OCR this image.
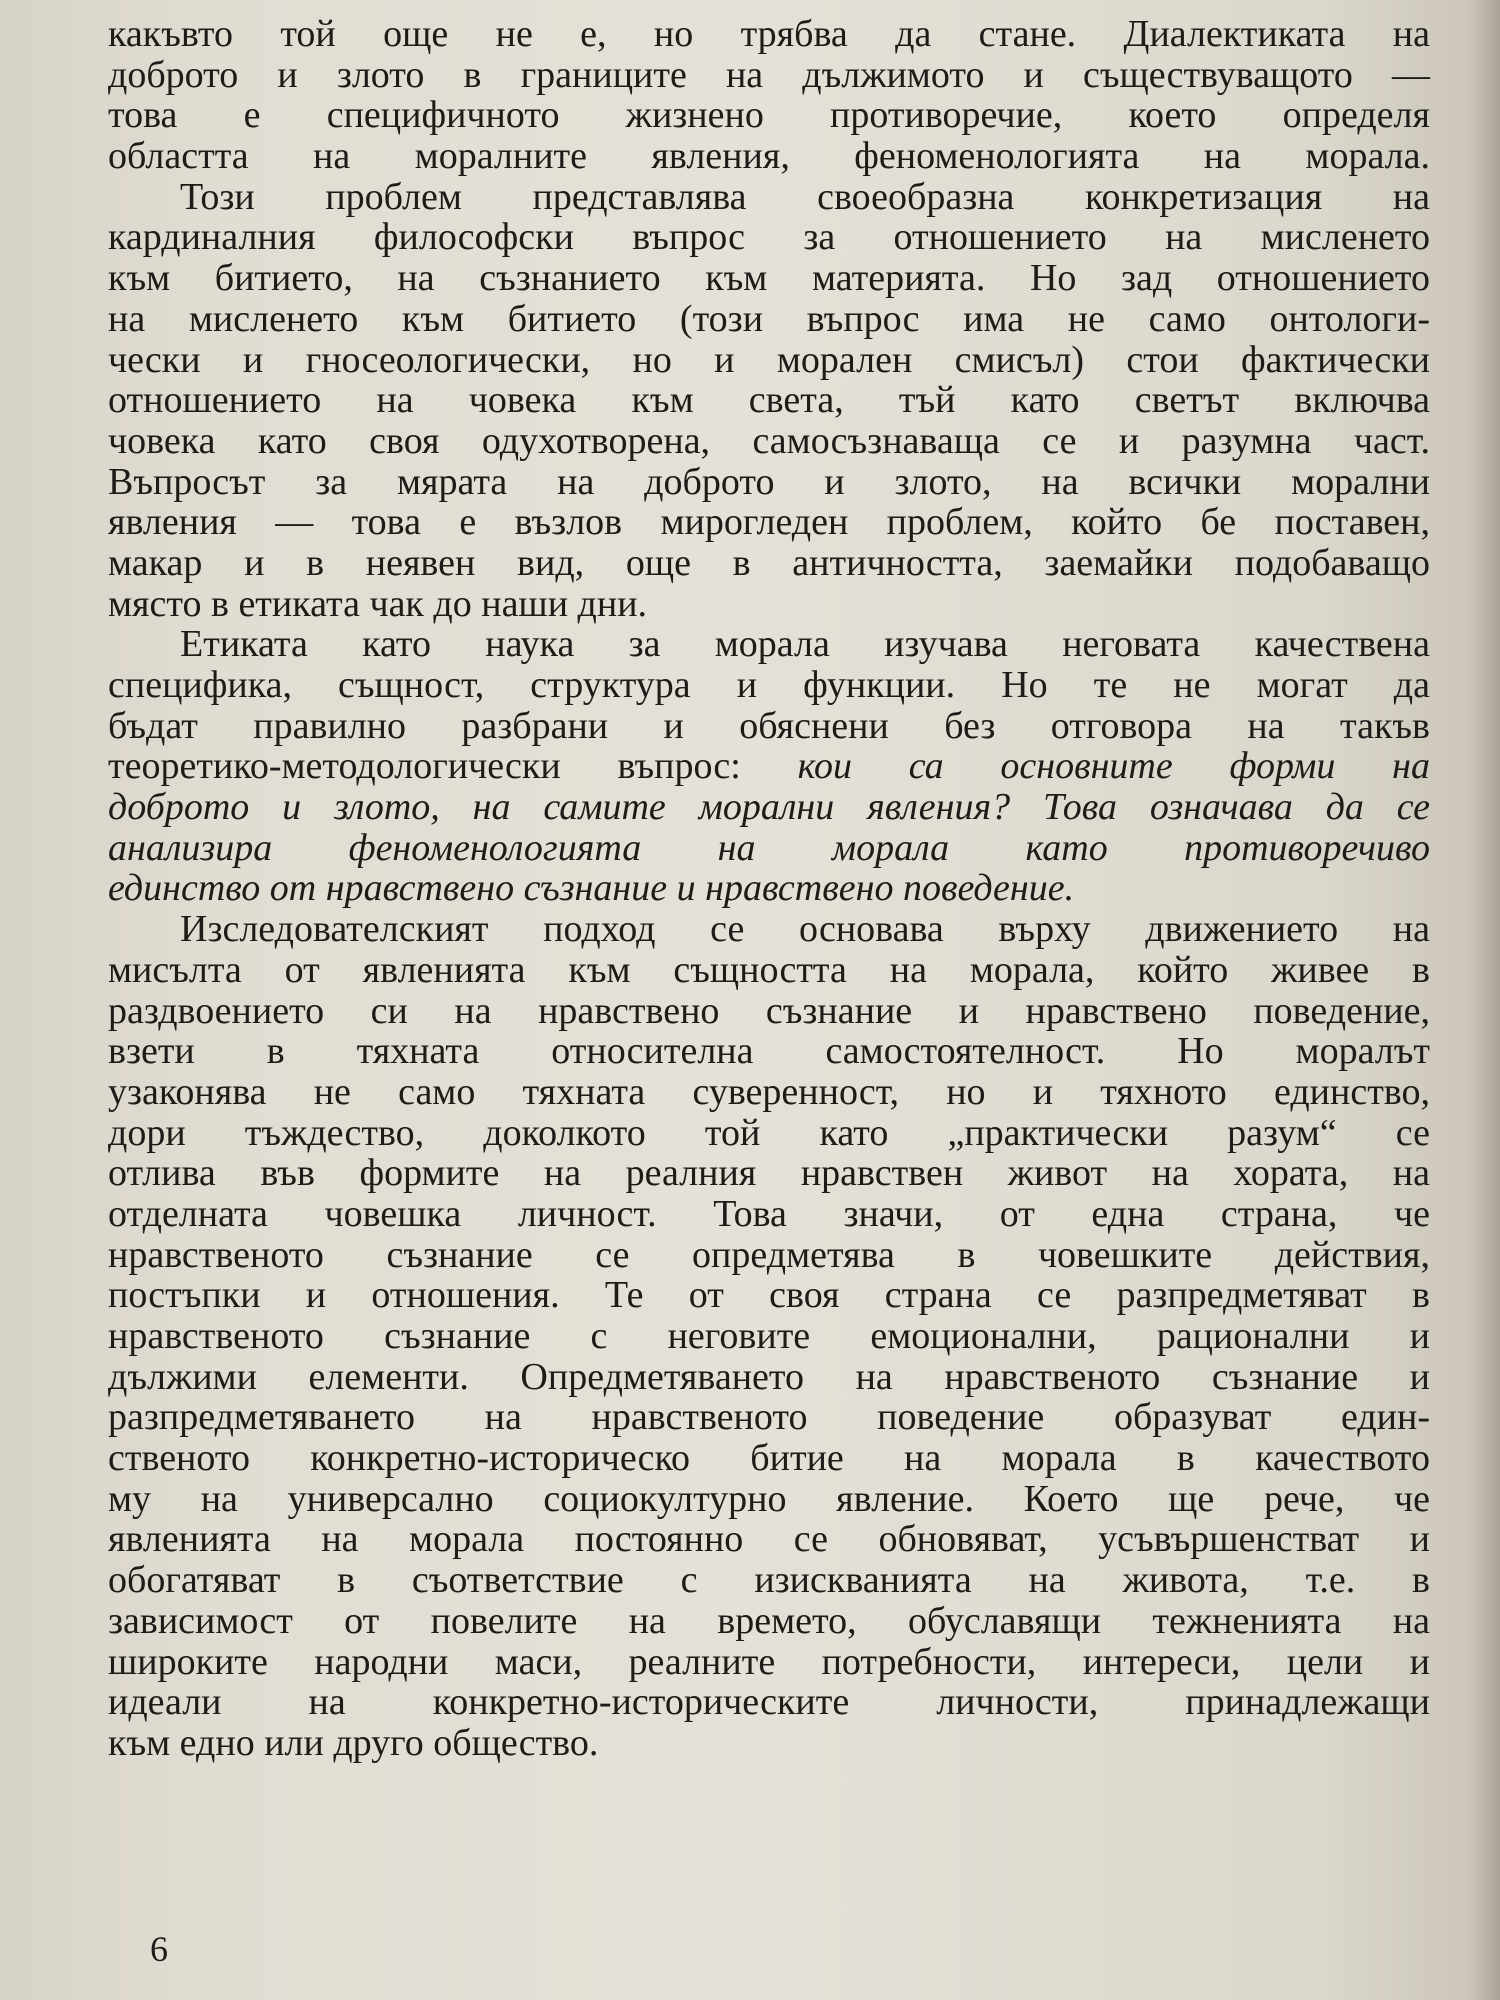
какъвто той още не е, но трябва да стане. Диалектиката на
доброто и злото в границите на дължимото и съществуващото —
това е специфичното жизнено противоречие, което определя
областта на моралните явления, феноменологията на морала.
Този проблем представлява своеобразна конкретизация на
кардиналния философски въпрос за отношението на мисленето
към битието, на съзнанието към материята. Но зад отношението
на мисленето към битието (този въпрос има не само онтологи-
чески и гносеологически, но и морален смисъл) стои фактически
отношението на човека към света, тъй като светът включва
човека като своя одухотворена, самосъзнаваща се и разумна част.
Въпросът за мярата на доброто и злото, на всички морални
явления — това е възлов мирогледен проблем, който бе поставен,
макар и в неявен вид, още в античността, заемайки подобаващо
място в етиката чак до наши дни.
Етиката като наука за морала изучава неговата качествена
специфика, същност, структура и функции. Но те не могат да
бъдат правилно разбрани и обяснени без отговора на такъв
теоретико-методологически въпрос: кои са основните форми на
доброто и злото, на самите морални явления? Това означава да се
анализира феноменологията на морала като противоречиво
единство от нравствено съзнание и нравствено поведение.
Изследователският подход се основава върху движението на
мисълта от явленията към същността на морала, който живее в
раздвоението си на нравствено съзнание и нравствено поведение,
взети в тяхната относителна самостоятелност. Но моралът
узаконява не само тяхната суверенност, но и тяхното единство,
дори тъждество, доколкото той като „практически разум“ се
отлива във формите на реалния нравствен живот на хората, на
отделната човешка личност. Това значи, от една страна, че
нравственото съзнание се опредметява в човешките действия,
постъпки и отношения. Те от своя страна се разпредметяват в
нравственото съзнание с неговите емоционални, рационални и
дължими елементи. Опредметяването на нравственото съзнание и
разпредметяването на нравственото поведение образуват един-
ственото конкретно-историческо битие на морала в качеството
му на универсално социокултурно явление. Което ще рече, че
явленията на морала постоянно се обновяват, усъвършенстват и
обогатяват в съответствие с изискванията на живота, т.е. в
зависимост от повелите на времето, обуславящи тежненията на
широките народни маси, реалните потребности, интереси, цели и
идеали на конкретно-историческите личности, принадлежащи
към едно или друго общество.
6
